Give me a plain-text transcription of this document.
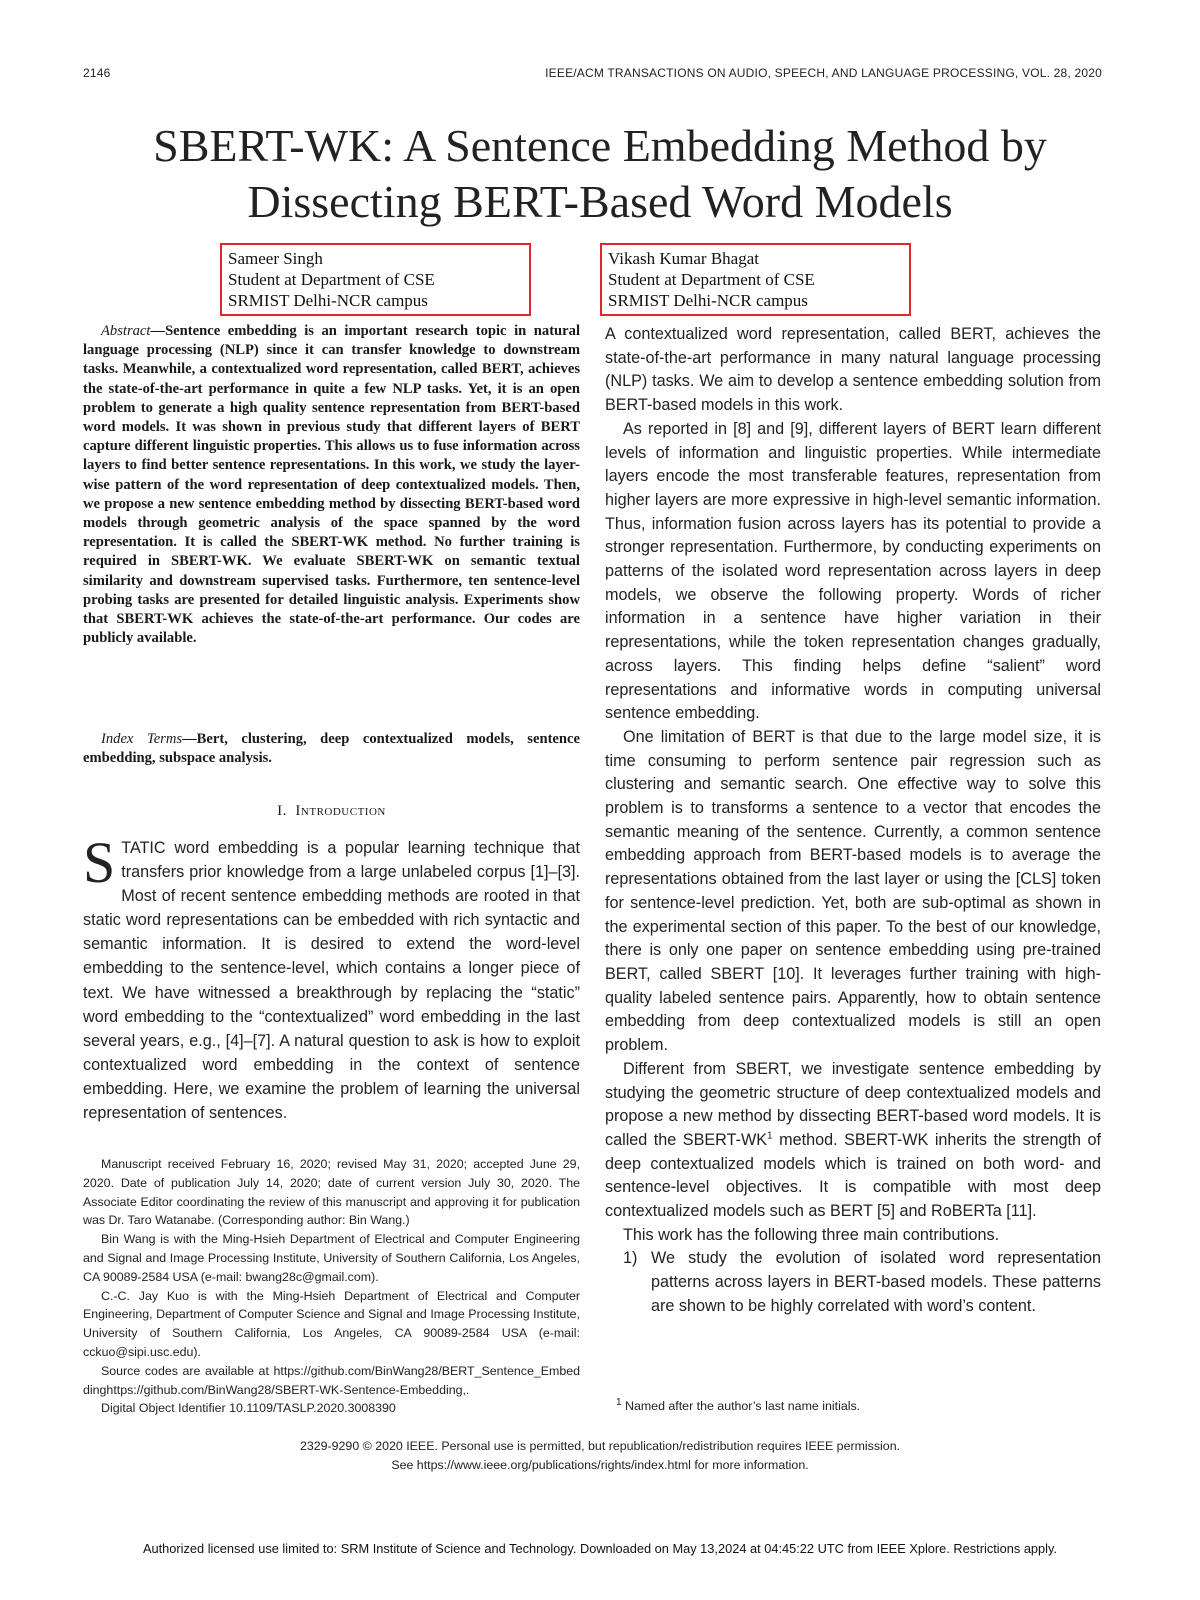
2146	IEEE/ACM TRANSACTIONS ON AUDIO, SPEECH, AND LANGUAGE PROCESSING, VOL. 28, 2020
SBERT-WK: A Sentence Embedding Method by
Dissecting BERT-Based Word Models
Sameer Singh
Student at Department of CSE
SRMIST Delhi-NCR campus
Vikash Kumar Bhagat
Student at Department of CSE
SRMIST Delhi-NCR campus
Abstract—Sentence embedding is an important research topic in natural language processing (NLP) since it can transfer knowledge to downstream tasks. Meanwhile, a contextualized word representation, called BERT, achieves the state-of-the-art performance in quite a few NLP tasks. Yet, it is an open problem to generate a high quality sentence representation from BERT-based word models. It was shown in previous study that different layers of BERT capture different linguistic properties. This allows us to fuse information across layers to find better sentence representations. In this work, we study the layer-wise pattern of the word representation of deep contextualized models. Then, we propose a new sentence embedding method by dissecting BERT-based word models through geometric analysis of the space spanned by the word representation. It is called the SBERT-WK method. No further training is required in SBERT-WK. We evaluate SBERT-WK on semantic textual similarity and downstream supervised tasks. Furthermore, ten sentence-level probing tasks are presented for detailed linguistic analysis. Experiments show that SBERT-WK achieves the state-of-the-art performance. Our codes are publicly available.
Index Terms—Bert, clustering, deep contextualized models, sentence embedding, subspace analysis.
I. Introduction
STATIC word embedding is a popular learning technique that transfers prior knowledge from a large unlabeled corpus [1]–[3]. Most of recent sentence embedding methods are rooted in that static word representations can be embedded with rich syntactic and semantic information. It is desired to extend the word-level embedding to the sentence-level, which contains a longer piece of text. We have witnessed a breakthrough by replacing the “static” word embedding to the “contextualized” word embedding in the last several years, e.g., [4]–[7]. A natural question to ask is how to exploit contextualized word embedding in the context of sentence embedding. Here, we examine the problem of learning the universal representation of sentences.

Manuscript received February 16, 2020; revised May 31, 2020; accepted June 29, 2020. Date of publication July 14, 2020; date of current version July 30, 2020. The Associate Editor coordinating the review of this manuscript and approving it for publication was Dr. Taro Watanabe. (Corresponding author: Bin Wang.)

Bin Wang is with the Ming-Hsieh Department of Electrical and Computer Engineering and Signal and Image Processing Institute, University of Southern California, Los Angeles, CA 90089-2584 USA (e-mail: bwang28c@gmail.com).

C.-C. Jay Kuo is with the Ming-Hsieh Department of Electrical and Computer Engineering, Department of Computer Science and Signal and Image Processing Institute, University of Southern California, Los Angeles, CA 90089-2584 USA (e-mail: cckuo@sipi.usc.edu).

Source codes are available at https://github.com/BinWang28/BERT_Sentence_Embeddinghttps://github.com/BinWang28/SBERT-WK-Sentence-Embedding,.

Digital Object Identifier 10.1109/TASLP.2020.3008390

A contextualized word representation, called BERT, achieves the state-of-the-art performance in many natural language processing (NLP) tasks. We aim to develop a sentence embedding solution from BERT-based models in this work.

As reported in [8] and [9], different layers of BERT learn different levels of information and linguistic properties. While intermediate layers encode the most transferable features, representation from higher layers are more expressive in high-level semantic information. Thus, information fusion across layers has its potential to provide a stronger representation. Furthermore, by conducting experiments on patterns of the isolated word representation across layers in deep models, we observe the following property. Words of richer information in a sentence have higher variation in their representations, while the token representation changes gradually, across layers. This finding helps define “salient” word representations and informative words in computing universal sentence embedding.

One limitation of BERT is that due to the large model size, it is time consuming to perform sentence pair regression such as clustering and semantic search. One effective way to solve this problem is to transforms a sentence to a vector that encodes the semantic meaning of the sentence. Currently, a common sentence embedding approach from BERT-based models is to average the representations obtained from the last layer or using the [CLS] token for sentence-level prediction. Yet, both are sub-optimal as shown in the experimental section of this paper. To the best of our knowledge, there is only one paper on sentence embedding using pre-trained BERT, called SBERT [10]. It leverages further training with high-quality labeled sentence pairs. Apparently, how to obtain sentence embedding from deep contextualized models is still an open problem.

Different from SBERT, we investigate sentence embedding by studying the geometric structure of deep contextualized models and propose a new method by dissecting BERT-based word models. It is called the SBERT-$WK^1$ method. SBERT-WK inherits the strength of deep contextualized models which is trained on both word- and sentence-level objectives. It is compatible with most deep contextualized models such as BERT [5] and RoBERTa [11].

This work has the following three main contributions.

1) We study the evolution of isolated word representation patterns across layers in BERT-based models. These patterns are shown to be highly correlated with word’s content.
$^1$ Named after the author’s last name initials.
2329-9290 © 2020 IEEE. Personal use is permitted, but republication/redistribution requires IEEE permission.
See https://www.ieee.org/publications/rights/index.html for more information.
Authorized licensed use limited to: SRM Institute of Science and Technology. Downloaded on May 13,2024 at 04:45:22 UTC from IEEE Xplore. Restrictions apply.
